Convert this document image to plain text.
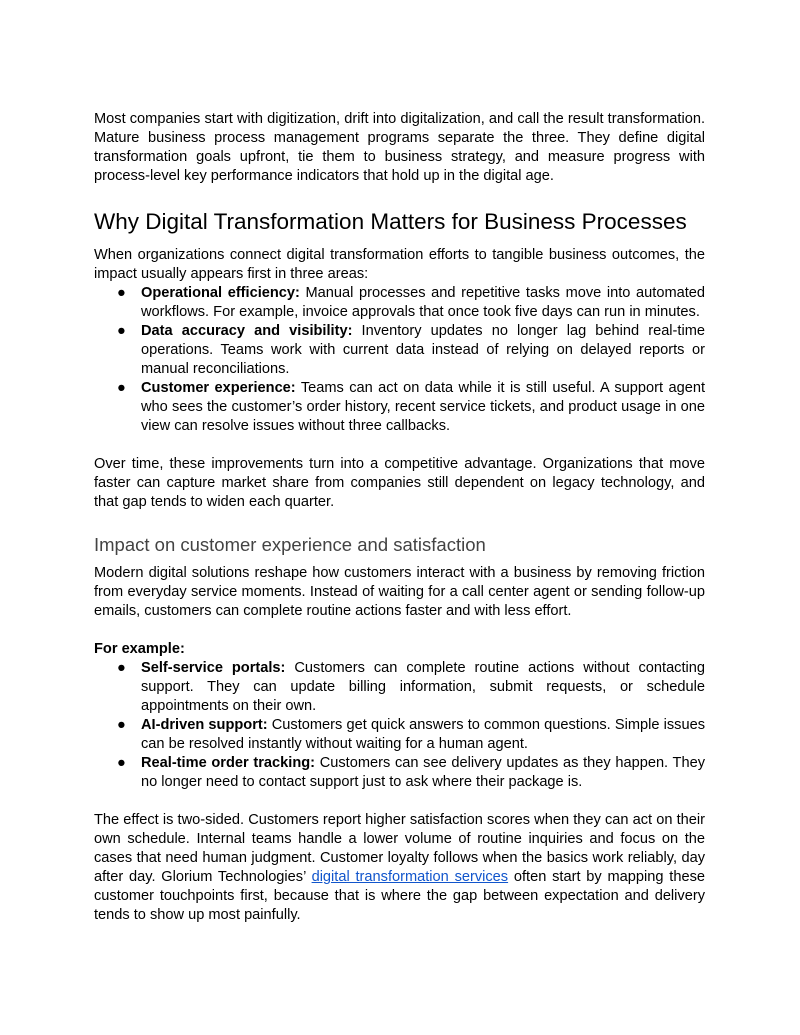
Most companies start with digitization, drift into digitalization, and call the result transformation. Mature business process management programs separate the three. They define digital transformation goals upfront, tie them to business strategy, and measure progress with process-level key performance indicators that hold up in the digital age.

Why Digital Transformation Matters for Business Processes

When organizations connect digital transformation efforts to tangible business outcomes, the impact usually appears first in three areas:

● Operational efficiency: Manual processes and repetitive tasks move into automated workflows. For example, invoice approvals that once took five days can run in minutes.
● Data accuracy and visibility: Inventory updates no longer lag behind real-time operations. Teams work with current data instead of relying on delayed reports or manual reconciliations.
● Customer experience: Teams can act on data while it is still useful. A support agent who sees the customer’s order history, recent service tickets, and product usage in one view can resolve issues without three callbacks.

Over time, these improvements turn into a competitive advantage. Organizations that move faster can capture market share from companies still dependent on legacy technology, and that gap tends to widen each quarter.

Impact on customer experience and satisfaction

Modern digital solutions reshape how customers interact with a business by removing friction from everyday service moments. Instead of waiting for a call center agent or sending follow-up emails, customers can complete routine actions faster and with less effort.

For example:

● Self-service portals: Customers can complete routine actions without contacting support. They can update billing information, submit requests, or schedule appointments on their own.
● AI-driven support: Customers get quick answers to common questions. Simple issues can be resolved instantly without waiting for a human agent.
● Real-time order tracking: Customers can see delivery updates as they happen. They no longer need to contact support just to ask where their package is.

The effect is two-sided. Customers report higher satisfaction scores when they can act on their own schedule. Internal teams handle a lower volume of routine inquiries and focus on the cases that need human judgment. Customer loyalty follows when the basics work reliably, day after day. Glorium Technologies’ digital transformation services often start by mapping these customer touchpoints first, because that is where the gap between expectation and delivery tends to show up most painfully.
